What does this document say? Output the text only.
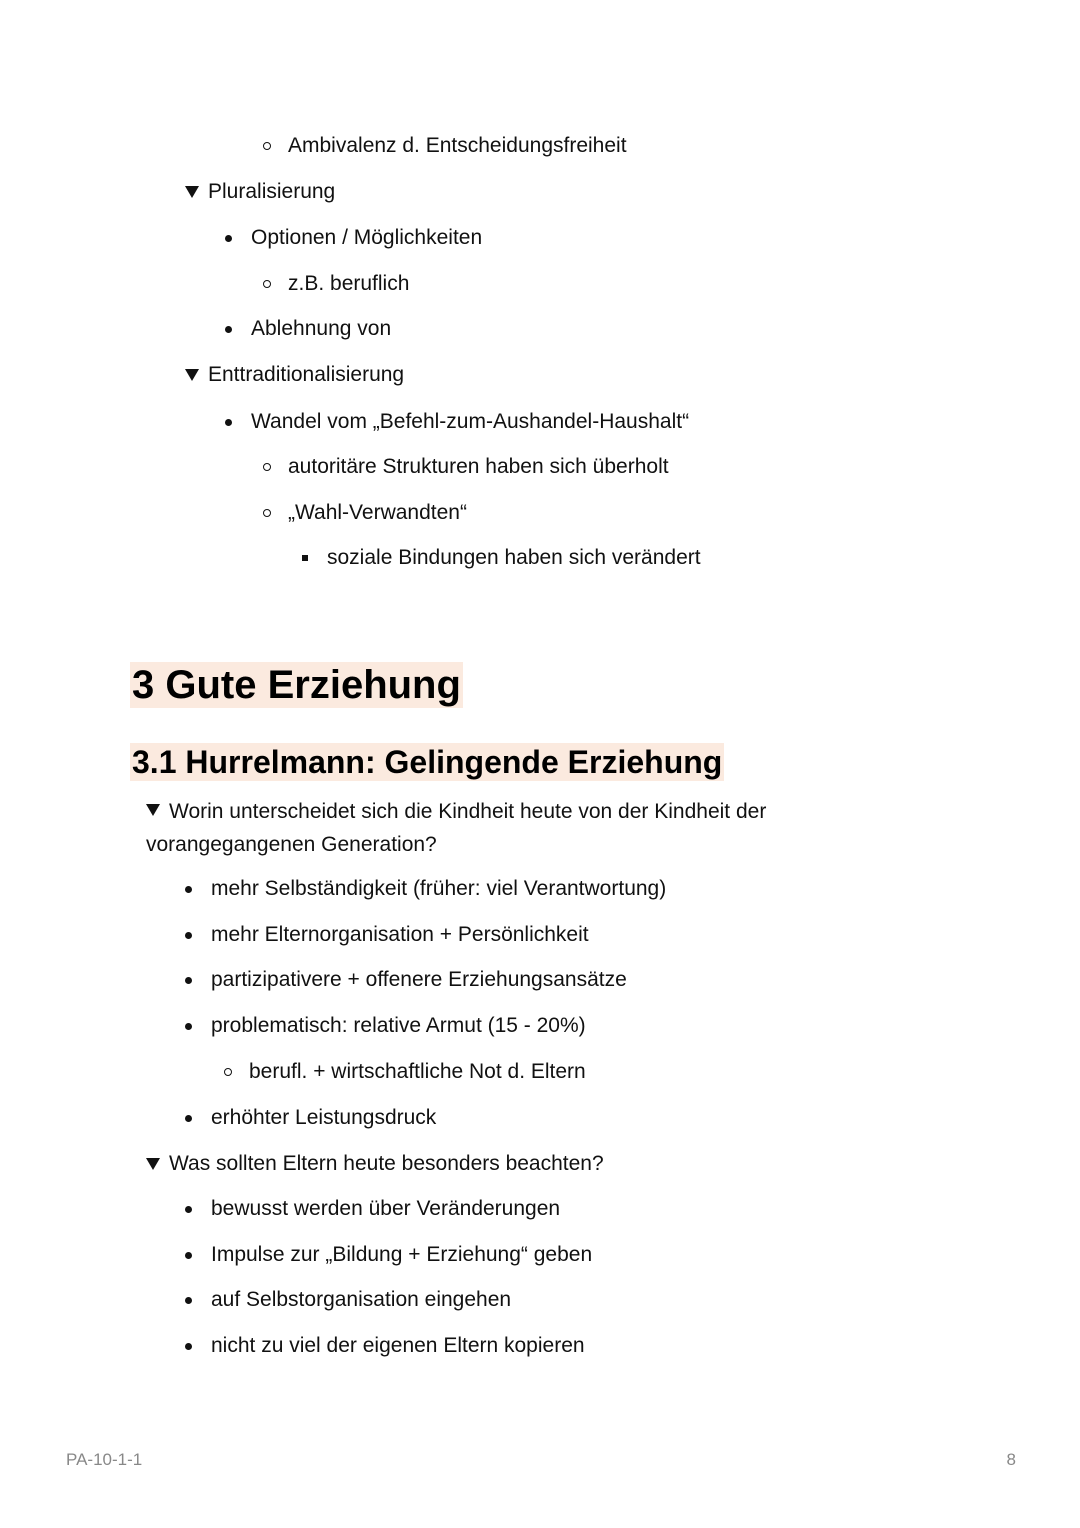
Ambivalenz d. Entscheidungsfreiheit
Pluralisierung
Optionen / Möglichkeiten
z.B. beruflich
Ablehnung von
Enttraditionalisierung
Wandel vom „Befehl-zum-Aushandel-Haushalt“
autoritäre Strukturen haben sich überholt
„Wahl-Verwandten“
soziale Bindungen haben sich verändert
3 Gute Erziehung
3.1 Hurrelmann: Gelingende Erziehung
Worin unterscheidet sich die Kindheit heute von der Kindheit der vorangegangenen Generation?
mehr Selbständigkeit (früher: viel Verantwortung)
mehr Elternorganisation + Persönlichkeit
partizipativere + offenere Erziehungsansätze
problematisch: relative Armut (15 - 20%)
berufl. + wirtschaftliche Not d. Eltern
erhöhter Leistungsdruck
Was sollten Eltern heute besonders beachten?
bewusst werden über Veränderungen
Impulse zur „Bildung + Erziehung“ geben
auf Selbstorganisation eingehen
nicht zu viel der eigenen Eltern kopieren
PA-10-1-1	8
